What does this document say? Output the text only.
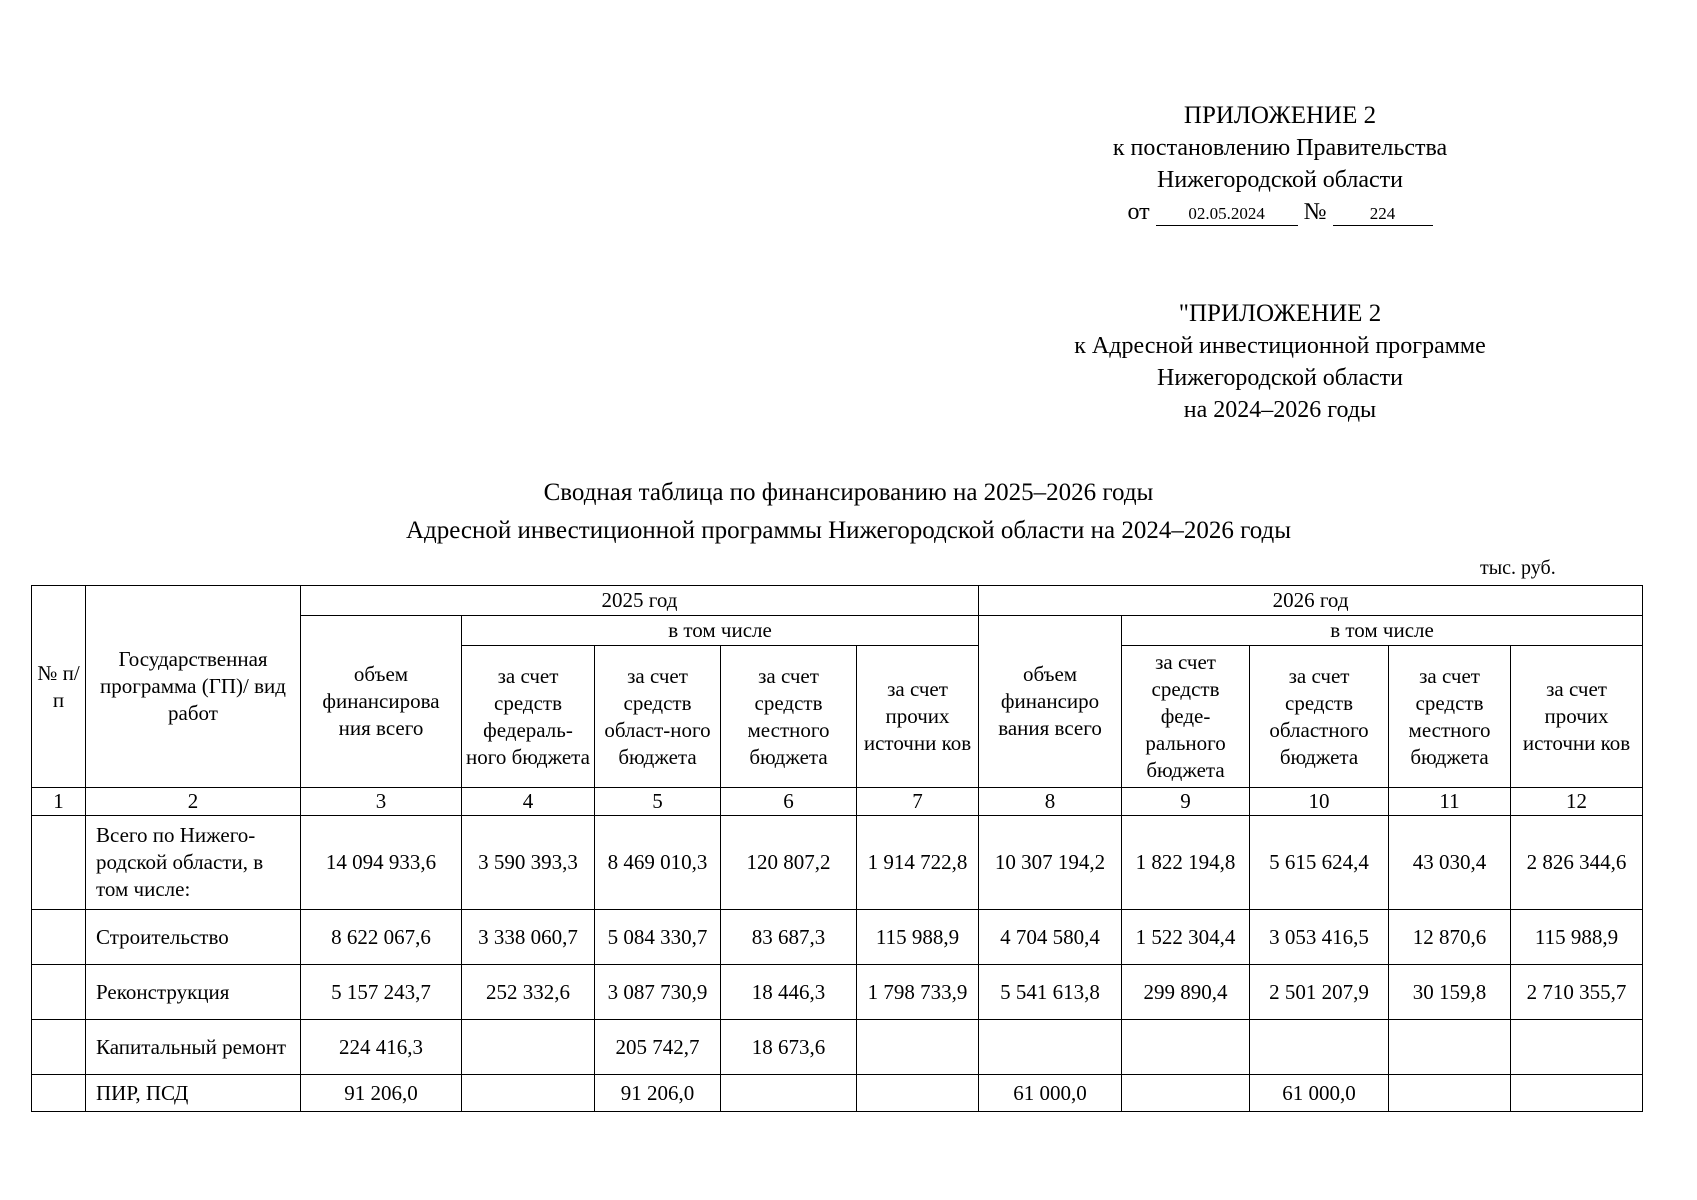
ПРИЛОЖЕНИЕ 2

к постановлению Правительства

Нижегородской области

от 02.05.2024 №	224

"ПРИЛОЖЕНИЕ 2

к Адресной инвестиционной программе

Нижегородской области

на 2024–2026 годы

Сводная таблица по финансированию на 2025–2026 годы

Адресной инвестиционной программы Нижегородской области на 2024–2026 годы

тыс. руб.
№ п/ п	Государственная программа (ГП)/ вид работ	2025 год					2026 год				
		объем финансирова ния всего	в том числе				объем финансиро вания всего	в том числе			
			за счет средств федераль-ного бюджета	за счет средств област-ного бюджета	за счет средств местного бюджета	за счет прочих источни ков		за счет средств феде-рального бюджета	за счет средств областного бюджета	за счет средств местного бюджета	за счет прочих источни ков
1	2	3	4	5	6	7	8	9	10	11	12
	Всего по Нижего-родской области, в том числе:	14 094 933,6	3 590 393,3	8 469 010,3	120 807,2	1 914 722,8	10 307 194,2	1 822 194,8	5 615 624,4	43 030,4	2 826 344,6
	Строительство	8 622 067,6	3 338 060,7	5 084 330,7	83 687,3	115 988,9	4 704 580,4	1 522 304,4	3 053 416,5	12 870,6	115 988,9
	Реконструкция	5 157 243,7	252 332,6	3 087 730,9	18 446,3	1 798 733,9	5 541 613,8	299 890,4	2 501 207,9	30 159,8	2 710 355,7
	Капитальный ремонт	224 416,3		205 742,7	18 673,6						
	ПИР, ПСД	91 206,0		91 206,0			61 000,0		61 000,0		
